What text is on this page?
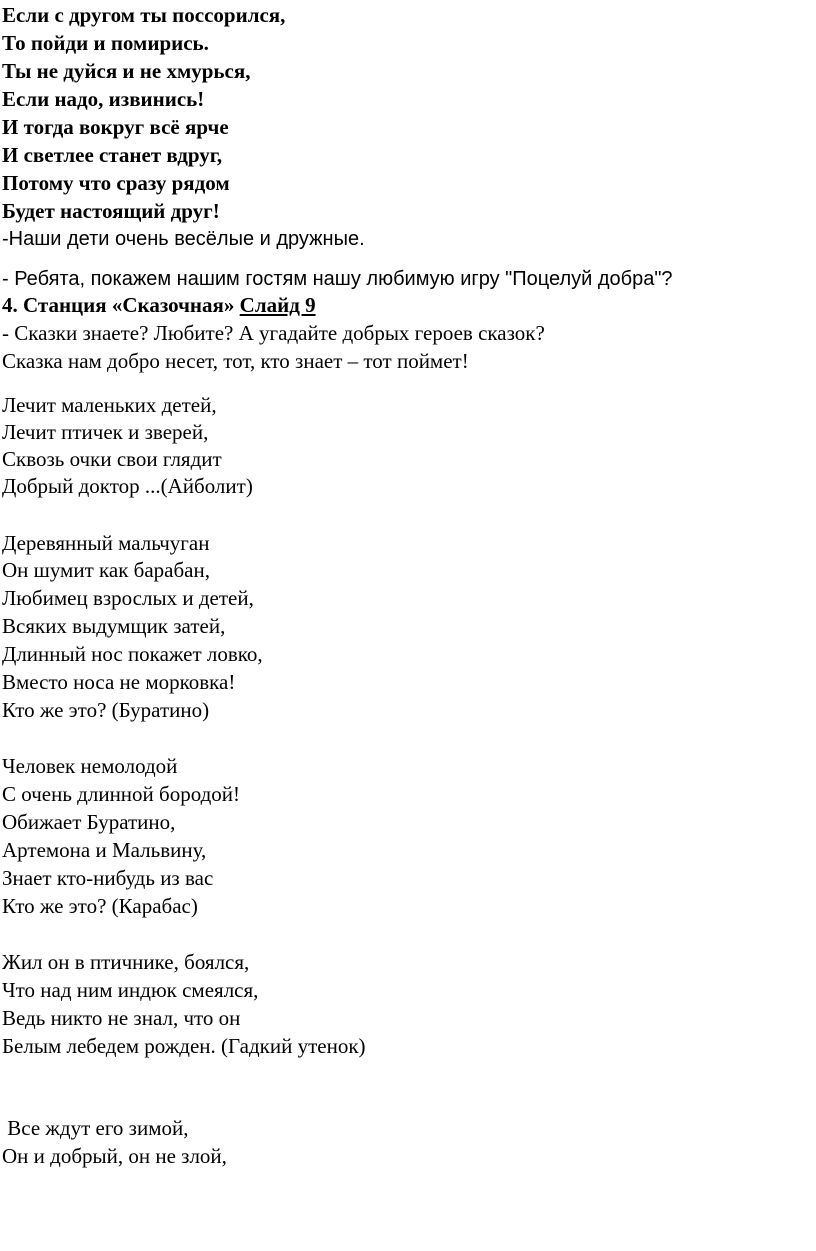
Если с другом ты поссорился,
То пойди и помирись.
Ты не дуйся и не хмурься,
Если надо, извинись!
И тогда вокруг всё ярче
И светлее станет вдруг,
Потому что сразу рядом
Будет настоящий друг!
-Наши дети очень весёлые и дружные.
- Ребята, покажем нашим гостям нашу любимую игру "Поцелуй добра"?
4. Станция «Сказочная» Слайд 9
- Сказки знаете? Любите? А угадайте добрых героев сказок?
Сказка нам добро несет, тот, кто знает – тот поймет!
Лечит маленьких детей,
Лечит птичек и зверей,
Сквозь очки свои глядит
Добрый доктор ...(Айболит)
Деревянный мальчуган
Он шумит как барабан,
Любимец взрослых и детей,
Всяких выдумщик затей,
Длинный нос покажет ловко,
Вместо носа не морковка!
Кто же это? (Буратино)
Человек немолодой
С очень длинной бородой!
Обижает Буратино,
Артемона и Мальвину,
Знает кто-нибудь из вас
Кто же это? (Карабас)
Жил он в птичнике, боялся,
Что над ним индюк смеялся,
Ведь никто не знал, что он
Белым лебедем рожден. (Гадкий утенок)
Все ждут его зимой,
Он и добрый, он не злой,
